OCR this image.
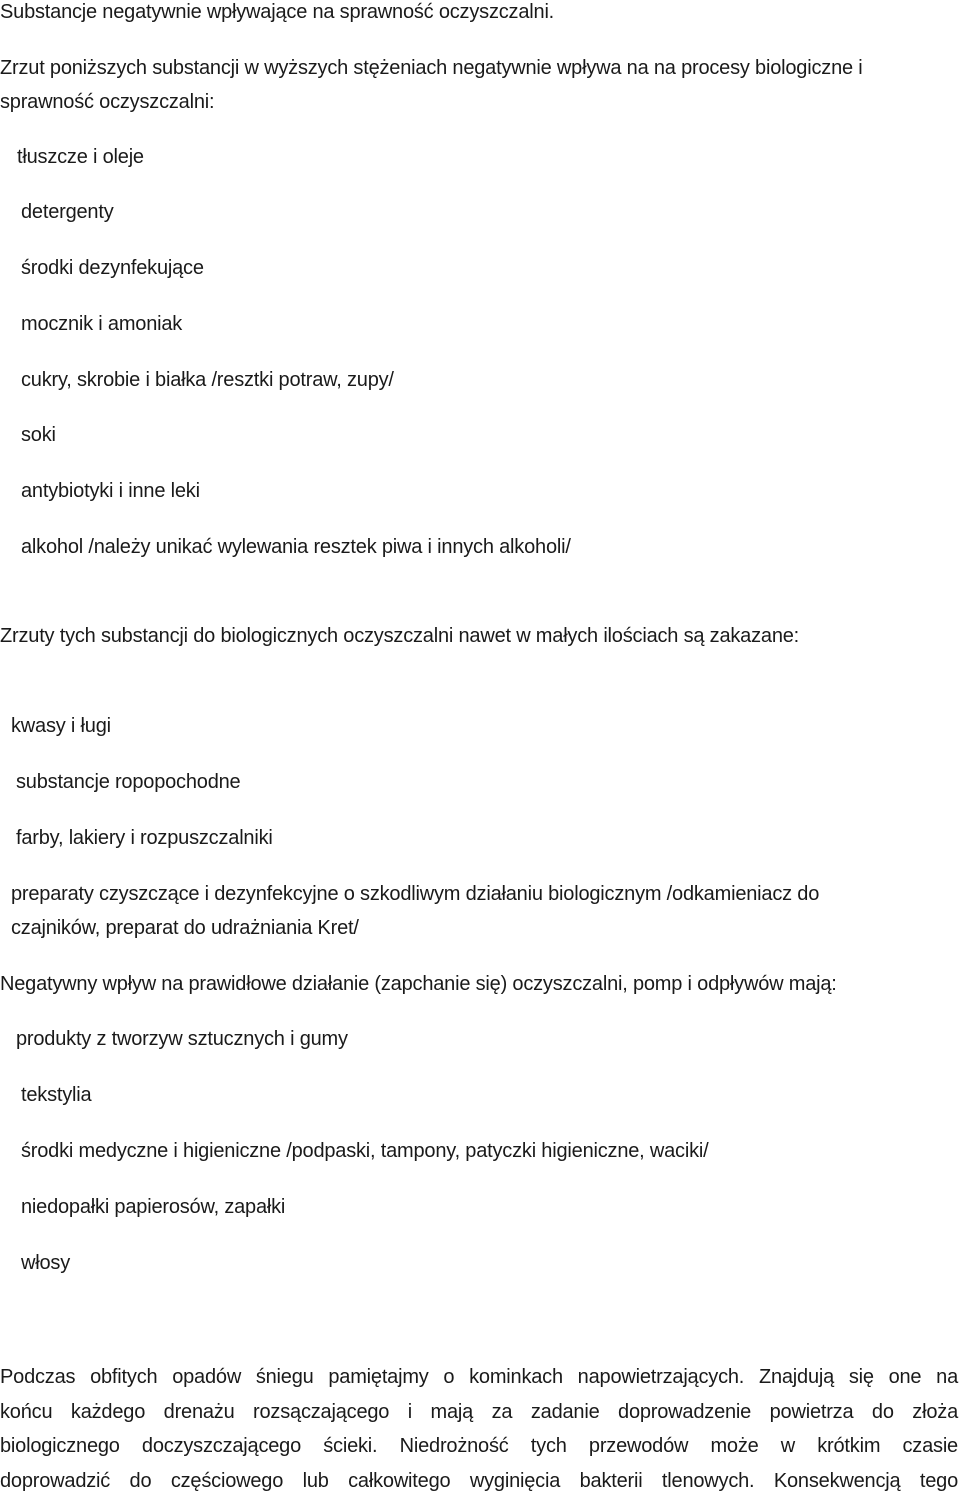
Substancje negatywnie wpływające na sprawność oczyszczalni.
Zrzut poniższych substancji w wyższych stężeniach negatywnie wpływa na na procesy biologiczne i
sprawność oczyszczalni:
tłuszcze i oleje
detergenty
środki dezynfekujące
mocznik i amoniak
cukry, skrobie i białka /resztki potraw, zupy/
soki
antybiotyki i inne leki
alkohol /należy unikać wylewania resztek piwa i innych alkoholi/
Zrzuty tych substancji do biologicznych oczyszczalni nawet w małych ilościach są zakazane:
kwasy i ługi
substancje ropopochodne
farby, lakiery i rozpuszczalniki
preparaty czyszczące i dezynfekcyjne o szkodliwym działaniu biologicznym /odkamieniacz do
czajników, preparat do udrażniania Kret/
Negatywny wpływ na prawidłowe działanie (zapchanie się) oczyszczalni, pomp i odpływów mają:
produkty z tworzyw sztucznych i gumy
tekstylia
środki medyczne i higieniczne /podpaski, tampony, patyczki higieniczne, waciki/
niedopałki papierosów, zapałki
włosy
Podczas obfitych opadów śniegu pamiętajmy o kominkach napowietrzających. Znajdują się one na
końcu każdego drenażu rozsączającego i mają za zadanie doprowadzenie powietrza do złoża
biologicznego doczyszczającego ścieki. Niedrożność tych przewodów może w krótkim czasie
doprowadzić do częściowego lub całkowitego wyginięcia bakterii tlenowych. Konsekwencją tego
